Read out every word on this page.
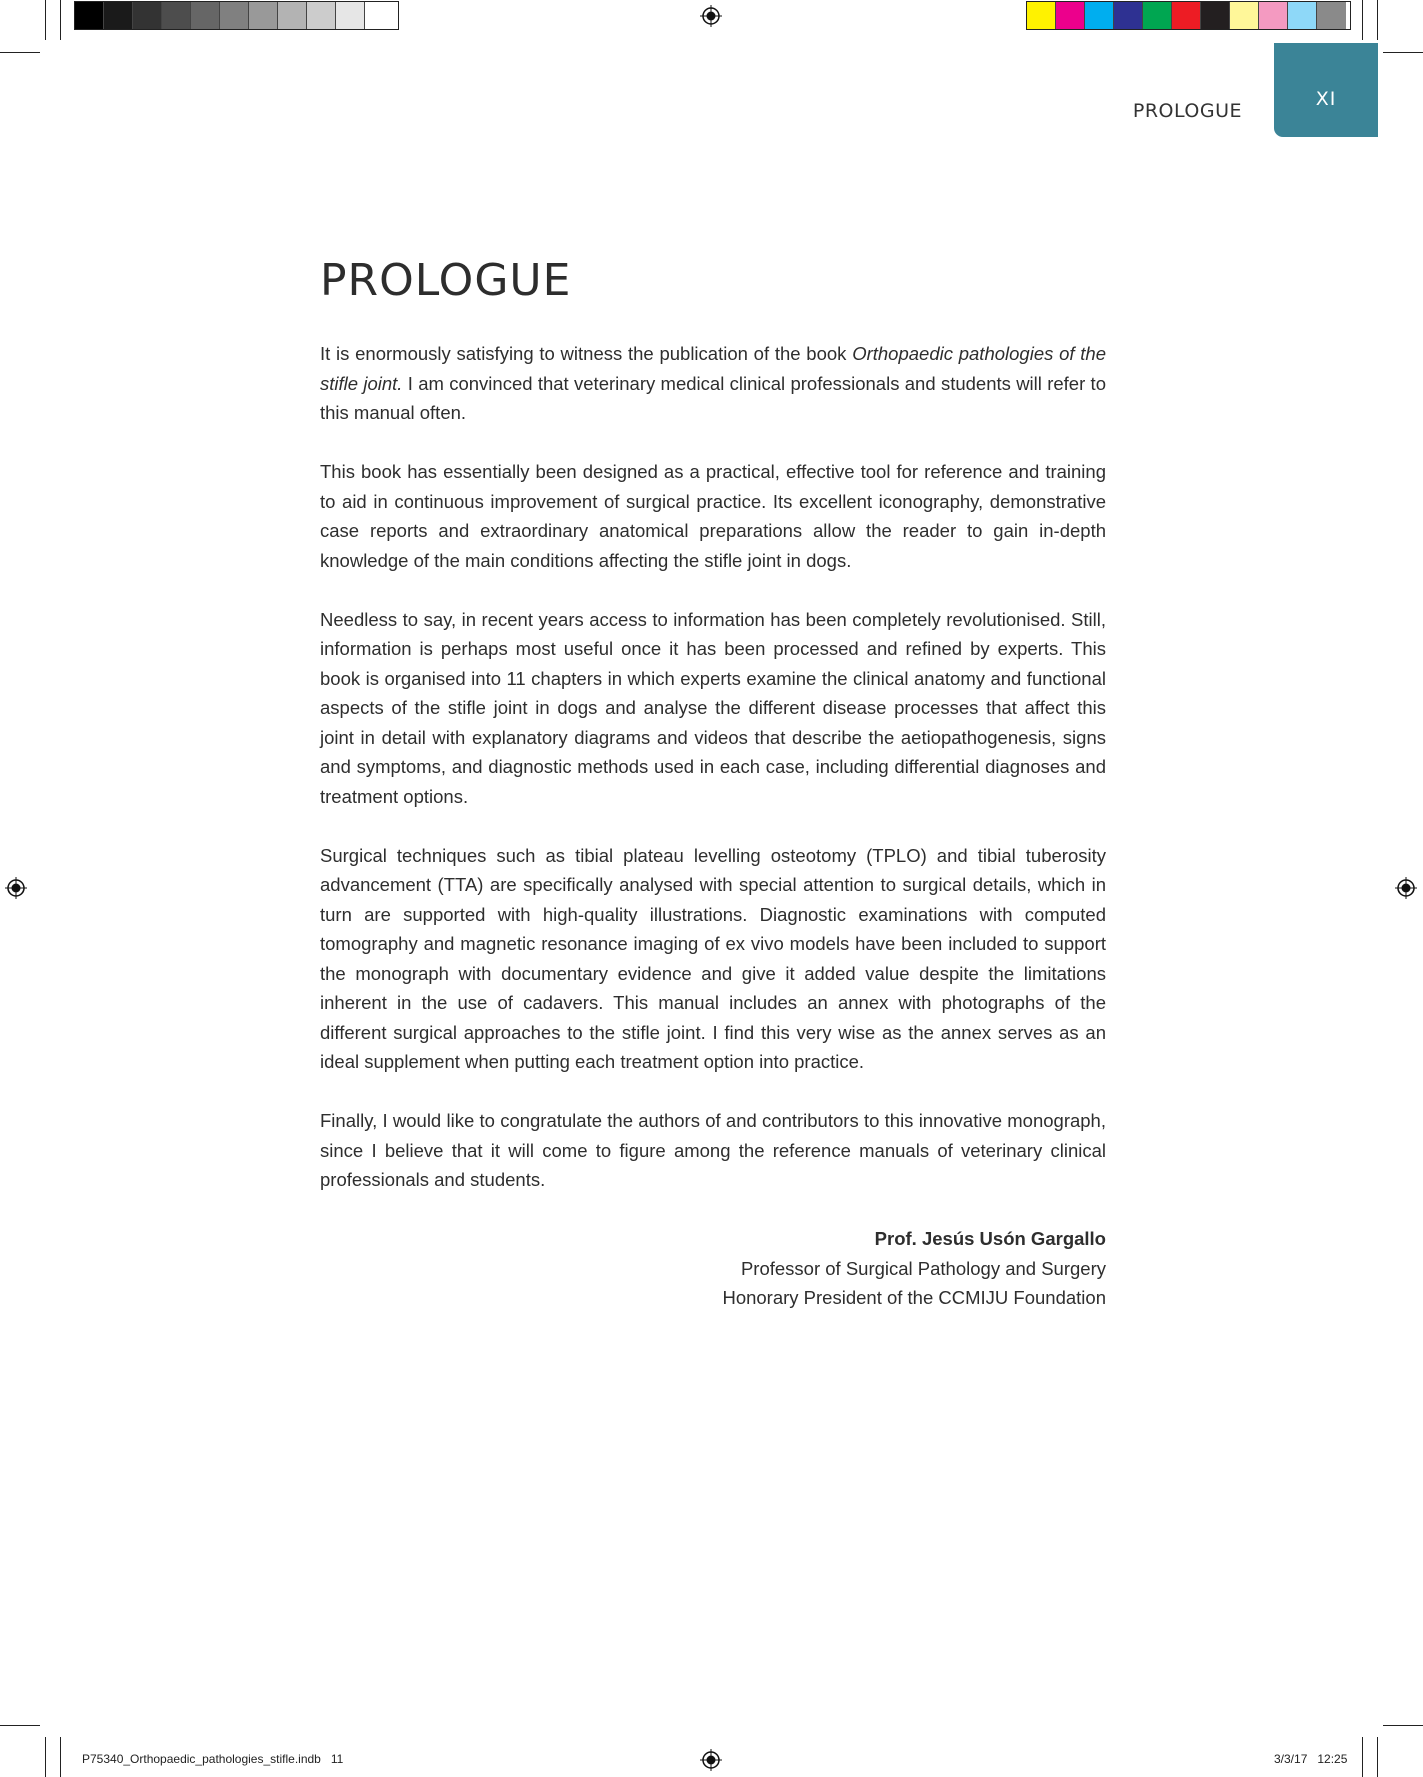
PROLOGUE
XI
PROLOGUE

It is enormously satisfying to witness the publication of the book Orthopaedic pathologies of the stifle joint. I am convinced that veterinary medical clinical professionals and students will refer to this manual often.

This book has essentially been designed as a practical, effective tool for reference and training to aid in continuous improvement of surgical practice. Its excellent iconography, demonstrative case reports and extraordinary anatomical preparations allow the reader to gain in-depth knowledge of the main conditions affecting the stifle joint in dogs.

Needless to say, in recent years access to information has been completely revolutionised. Still, information is perhaps most useful once it has been processed and refined by experts. This book is organised into 11 chapters in which experts examine the clinical anatomy and functional aspects of the stifle joint in dogs and analyse the different disease processes that affect this joint in detail with explanatory diagrams and videos that describe the aetiopathogenesis, signs and symptoms, and diagnostic methods used in each case, including differential diagnoses and treatment options.

Surgical techniques such as tibial plateau levelling osteotomy (TPLO) and tibial tuberosity advancement (TTA) are specifically analysed with special attention to surgical details, which in turn are supported with high-quality illustrations. Diagnostic examinations with computed tomography and magnetic resonance imaging of ex vivo models have been included to support the monograph with documentary evidence and give it added value despite the limitations inherent in the use of cadavers. This manual includes an annex with photographs of the different surgical approaches to the stifle joint. I find this very wise as the annex serves as an ideal supplement when putting each treatment option into practice.

Finally, I would like to congratulate the authors of and contributors to this innovative monograph, since I believe that it will come to figure among the reference manuals of veterinary clinical professionals and students.

Prof. Jesús Usón Gargallo
Professor of Surgical Pathology and Surgery
Honorary President of the CCMIJU Foundation
P75340_Orthopaedic_pathologies_stifle.indb   11	3/3/17   12:25
